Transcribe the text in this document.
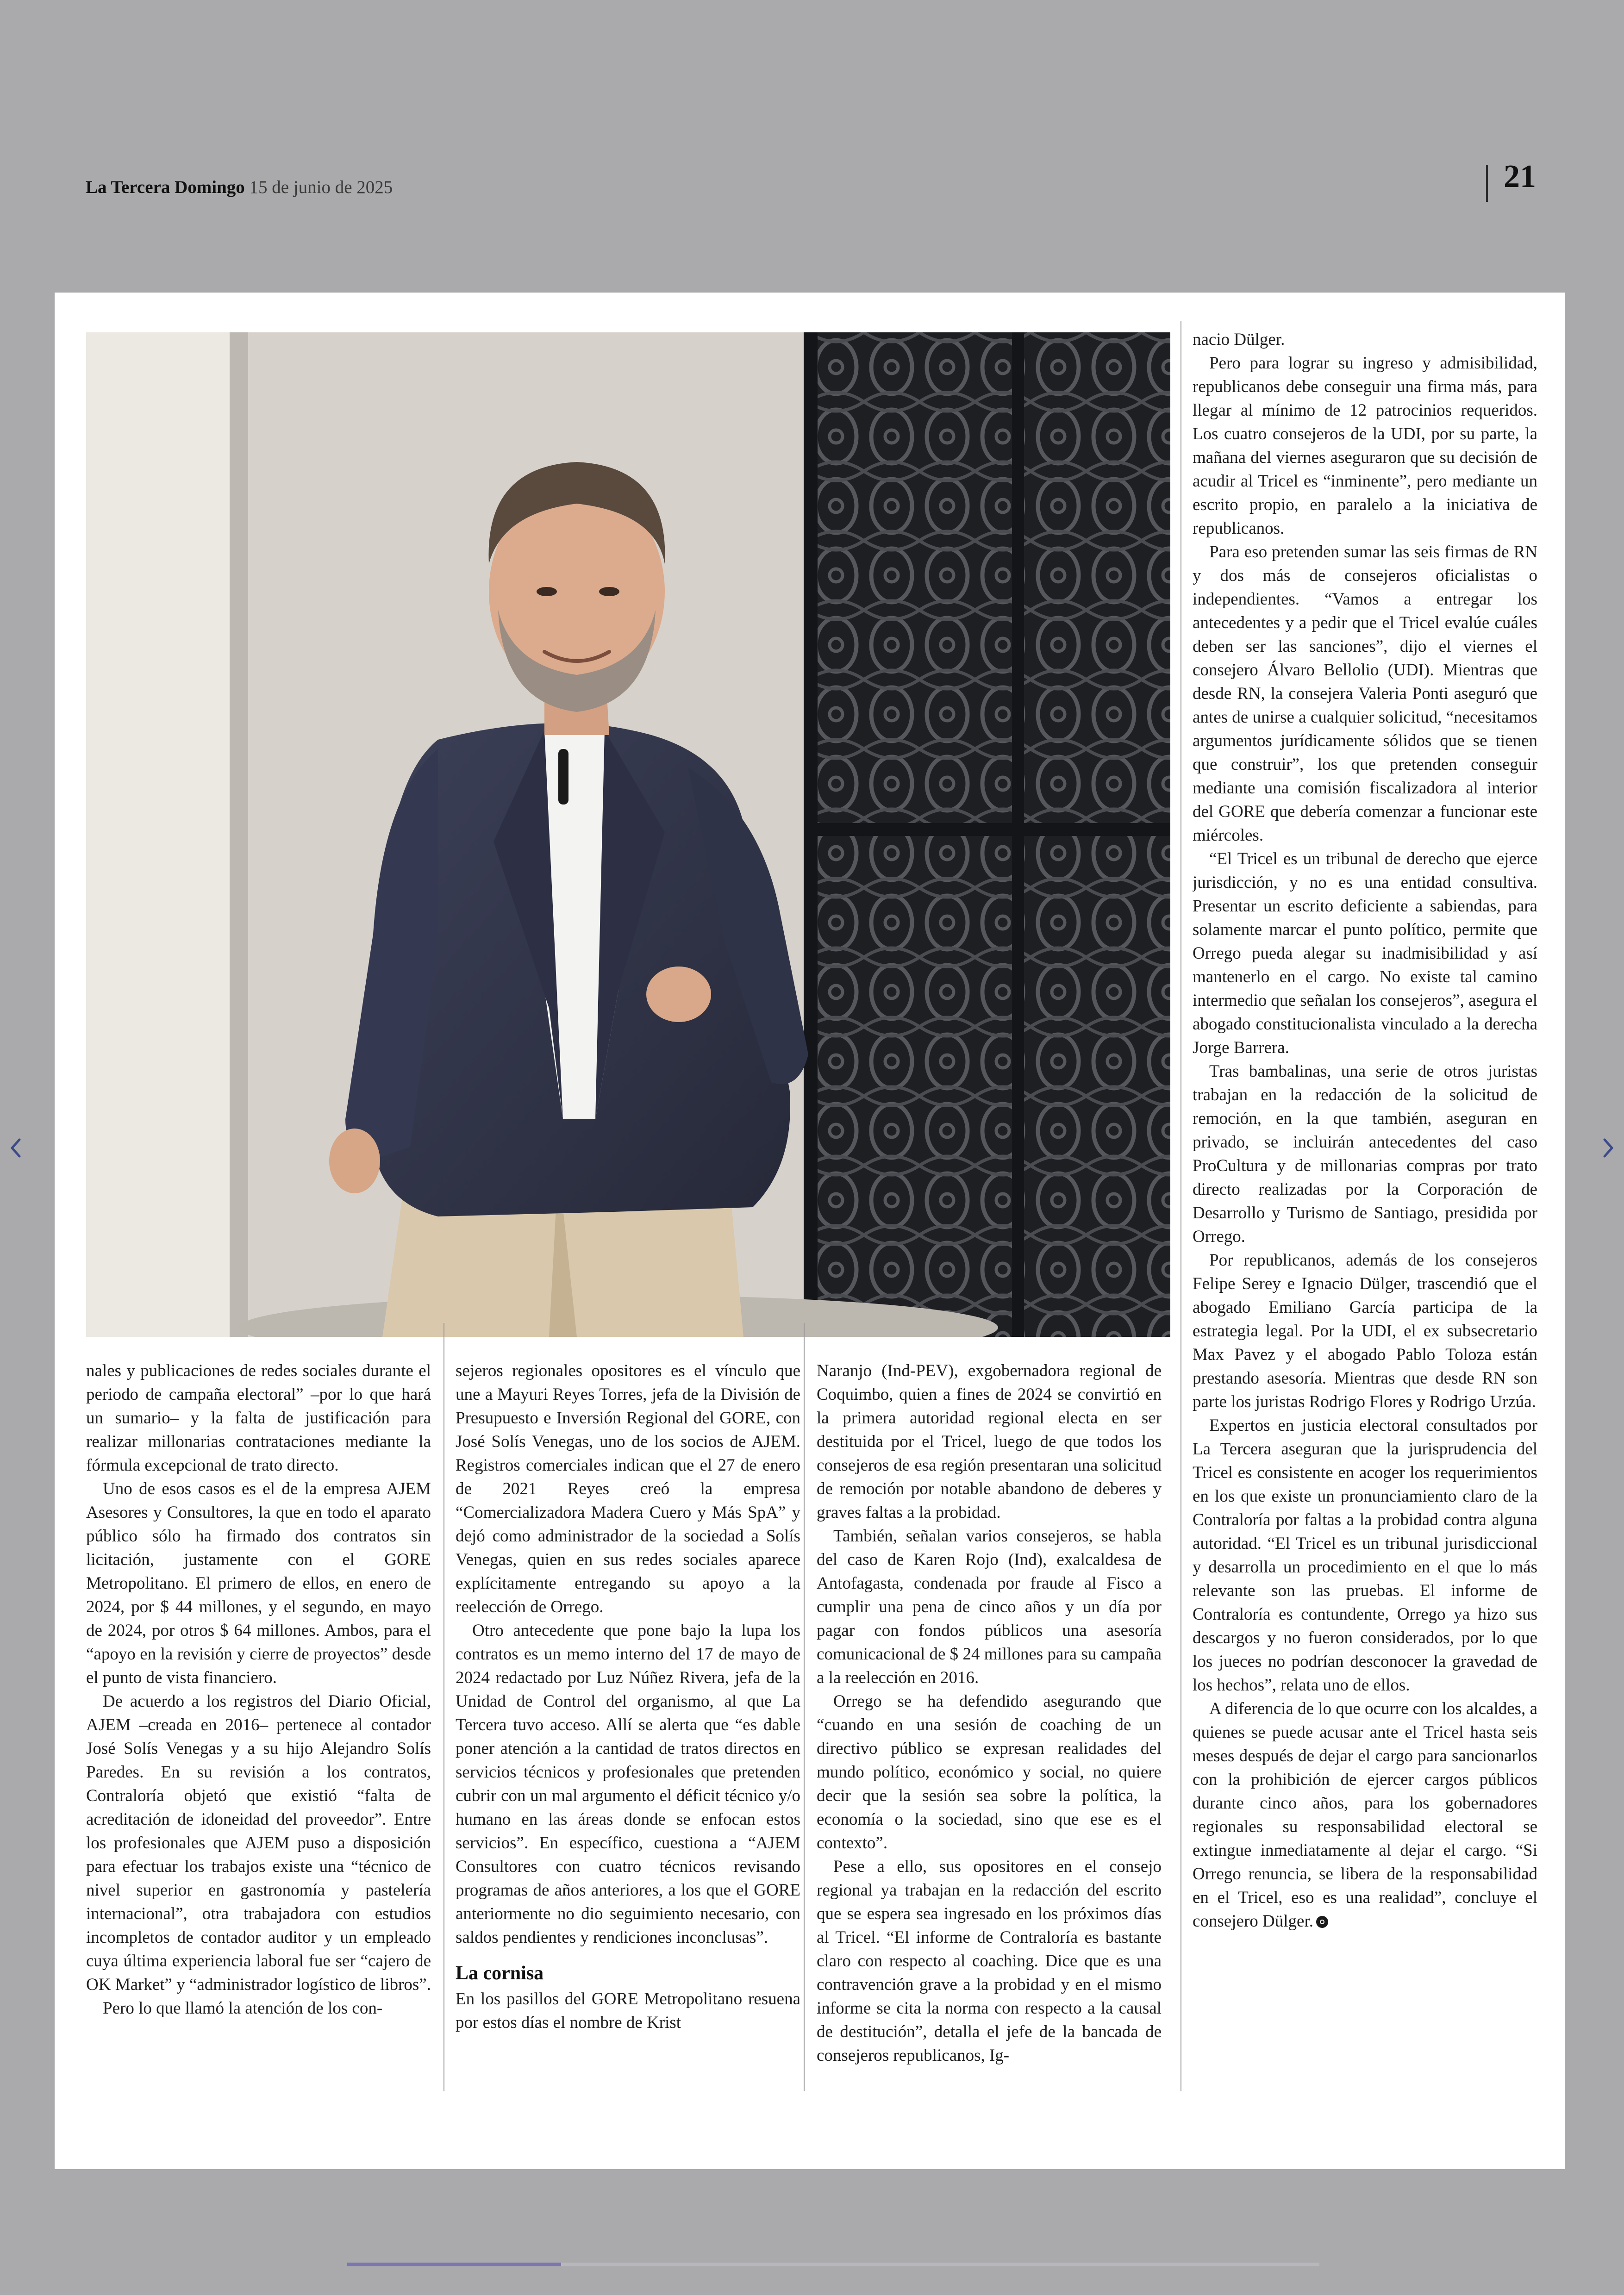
La Tercera Domingo 15 de junio de 2025	21

nales y publicaciones de redes sociales durante el periodo de campaña electoral” –por lo que hará un sumario– y la falta de justificación para realizar millonarias contrataciones mediante la fórmula excepcional de trato directo.

Uno de esos casos es el de la empresa AJEM Asesores y Consultores, la que en todo el aparato público sólo ha firmado dos contratos sin licitación, justamente con el GORE Metropolitano. El primero de ellos, en enero de 2024, por $ 44 millones, y el segundo, en mayo de 2024, por otros $ 64 millones. Ambos, para el “apoyo en la revisión y cierre de proyectos” desde el punto de vista financiero.

De acuerdo a los registros del Diario Oficial, AJEM –creada en 2016– pertenece al contador José Solís Venegas y a su hijo Alejandro Solís Paredes. En su revisión a los contratos, Contraloría objetó que existió “falta de acreditación de idoneidad del proveedor”. Entre los profesionales que AJEM puso a disposición para efectuar los trabajos existe una “técnico de nivel superior en gastronomía y pastelería internacional”, otra trabajadora con estudios incompletos de contador auditor y un empleado cuya última experiencia laboral fue ser “cajero de OK Market” y “administrador logístico de libros”.

Pero lo que llamó la atención de los con-

sejeros regionales opositores es el vínculo que une a Mayuri Reyes Torres, jefa de la División de Presupuesto e Inversión Regional del GORE, con José Solís Venegas, uno de los socios de AJEM. Registros comerciales indican que el 27 de enero de 2021 Reyes creó la empresa “Comercializadora Madera Cuero y Más SpA” y dejó como administrador de la sociedad a Solís Venegas, quien en sus redes sociales aparece explícitamente entregando su apoyo a la reelección de Orrego.

Otro antecedente que pone bajo la lupa los contratos es un memo interno del 17 de mayo de 2024 redactado por Luz Núñez Rivera, jefa de la Unidad de Control del organismo, al que La Tercera tuvo acceso. Allí se alerta que “es dable poner atención a la cantidad de tratos directos en servicios técnicos y profesionales que pretenden cubrir con un mal argumento el déficit técnico y/o humano en las áreas donde se enfocan estos servicios”. En específico, cuestiona a “AJEM Consultores con cuatro técnicos revisando programas de años anteriores, a los que el GORE anteriormente no dio seguimiento necesario, con saldos pendientes y rendiciones inconclusas”.

La cornisa

En los pasillos del GORE Metropolitano resuena por estos días el nombre de Krist

Naranjo (Ind-PEV), exgobernadora regional de Coquimbo, quien a fines de 2024 se convirtió en la primera autoridad regional electa en ser destituida por el Tricel, luego de que todos los consejeros de esa región presentaran una solicitud de remoción por notable abandono de deberes y graves faltas a la probidad.

También, señalan varios consejeros, se habla del caso de Karen Rojo (Ind), exalcaldesa de Antofagasta, condenada por fraude al Fisco a cumplir una pena de cinco años y un día por pagar con fondos públicos una asesoría comunicacional de $ 24 millones para su campaña a la reelección en 2016.

Orrego se ha defendido asegurando que “cuando en una sesión de coaching de un directivo público se expresan realidades del mundo político, económico y social, no quiere decir que la sesión sea sobre la política, la economía o la sociedad, sino que ese es el contexto”.

Pese a ello, sus opositores en el consejo regional ya trabajan en la redacción del escrito que se espera sea ingresado en los próximos días al Tricel. “El informe de Contraloría es bastante claro con respecto al coaching. Dice que es una contravención grave a la probidad y en el mismo informe se cita la norma con respecto a la causal de destitución”, detalla el jefe de la bancada de consejeros republicanos, Ig-

nacio Dülger.

Pero para lograr su ingreso y admisibilidad, republicanos debe conseguir una firma más, para llegar al mínimo de 12 patrocinios requeridos. Los cuatro consejeros de la UDI, por su parte, la mañana del viernes aseguraron que su decisión de acudir al Tricel es “inminente”, pero mediante un escrito propio, en paralelo a la iniciativa de republicanos.

Para eso pretenden sumar las seis firmas de RN y dos más de consejeros oficialistas o independientes. “Vamos a entregar los antecedentes y a pedir que el Tricel evalúe cuáles deben ser las sanciones”, dijo el viernes el consejero Álvaro Bellolio (UDI). Mientras que desde RN, la consejera Valeria Ponti aseguró que antes de unirse a cualquier solicitud, “necesitamos argumentos jurídicamente sólidos que se tienen que construir”, los que pretenden conseguir mediante una comisión fiscalizadora al interior del GORE que debería comenzar a funcionar este miércoles.

“El Tricel es un tribunal de derecho que ejerce jurisdicción, y no es una entidad consultiva. Presentar un escrito deficiente a sabiendas, para solamente marcar el punto político, permite que Orrego pueda alegar su inadmisibilidad y así mantenerlo en el cargo. No existe tal camino intermedio que señalan los consejeros”, asegura el abogado constitucionalista vinculado a la derecha Jorge Barrera.

Tras bambalinas, una serie de otros juristas trabajan en la redacción de la solicitud de remoción, en la que también, aseguran en privado, se incluirán antecedentes del caso ProCultura y de millonarias compras por trato directo realizadas por la Corporación de Desarrollo y Turismo de Santiago, presidida por Orrego.

Por republicanos, además de los consejeros Felipe Serey e Ignacio Dülger, trascendió que el abogado Emiliano García participa de la estrategia legal. Por la UDI, el ex subsecretario Max Pavez y el abogado Pablo Toloza están prestando asesoría. Mientras que desde RN son parte los juristas Rodrigo Flores y Rodrigo Urzúa.

Expertos en justicia electoral consultados por La Tercera aseguran que la jurisprudencia del Tricel es consistente en acoger los requerimientos en los que existe un pronunciamiento claro de la Contraloría por faltas a la probidad contra alguna autoridad. “El Tricel es un tribunal jurisdiccional y desarrolla un procedimiento en el que lo más relevante son las pruebas. El informe de Contraloría es contundente, Orrego ya hizo sus descargos y no fueron considerados, por lo que los jueces no podrían desconocer la gravedad de los hechos”, relata uno de ellos.

A diferencia de lo que ocurre con los alcaldes, a quienes se puede acusar ante el Tricel hasta seis meses después de dejar el cargo para sancionarlos con la prohibición de ejercer cargos públicos durante cinco años, para los gobernadores regionales su responsabilidad electoral se extingue inmediatamente al dejar el cargo. “Si Orrego renuncia, se libera de la responsabilidad en el Tricel, eso es una realidad”, concluye el consejero Dülger.
